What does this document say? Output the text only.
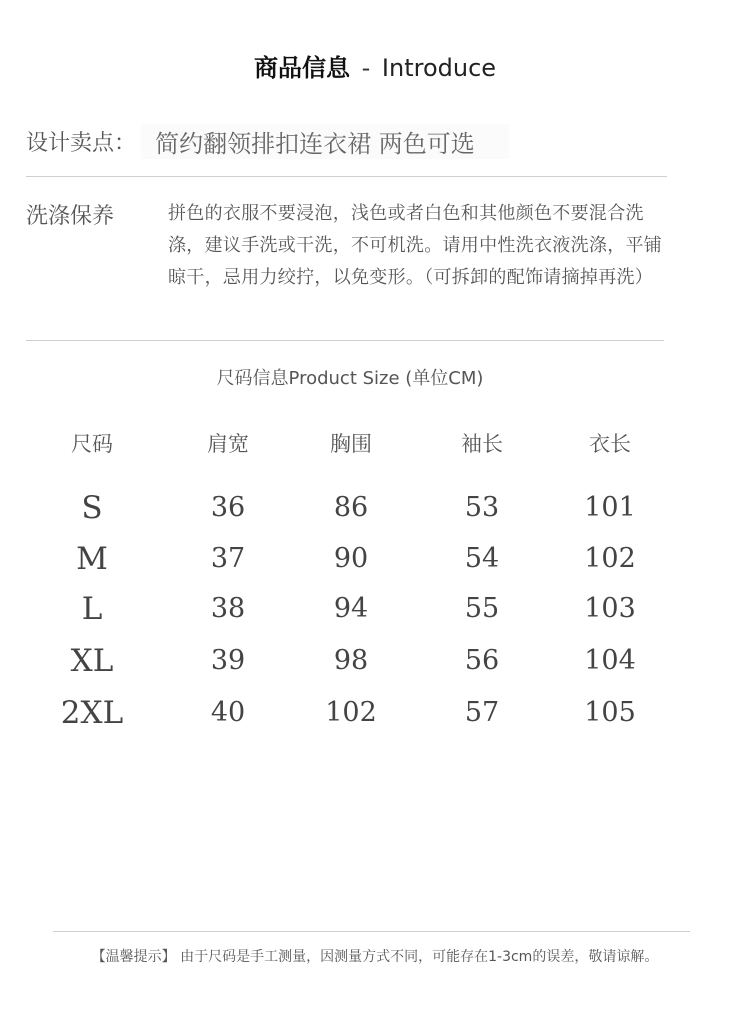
商品信息 - Introduce
设计卖点： 简约翻领排扣连衣裙 两色可选
洗涤保养	拼色的衣服不要浸泡，浅色或者白色和其他颜色不要混合洗涤，建议手洗或干洗，不可机洗。请用中性洗衣液洗涤，平铺晾干，忌用力绞拧，以免变形。（可拆卸的配饰请摘掉再洗）
尺码信息Product Size (单位CM)
尺码	肩宽	胸围	袖长	衣长
S	36	86	53	101
M	37	90	54	102
L	38	94	55	103
XL	39	98	56	104
2XL	40	102	57	105
【温馨提示】 由于尺码是手工测量，因测量方式不同，可能存在1-3cm的误差，敬请谅解。
